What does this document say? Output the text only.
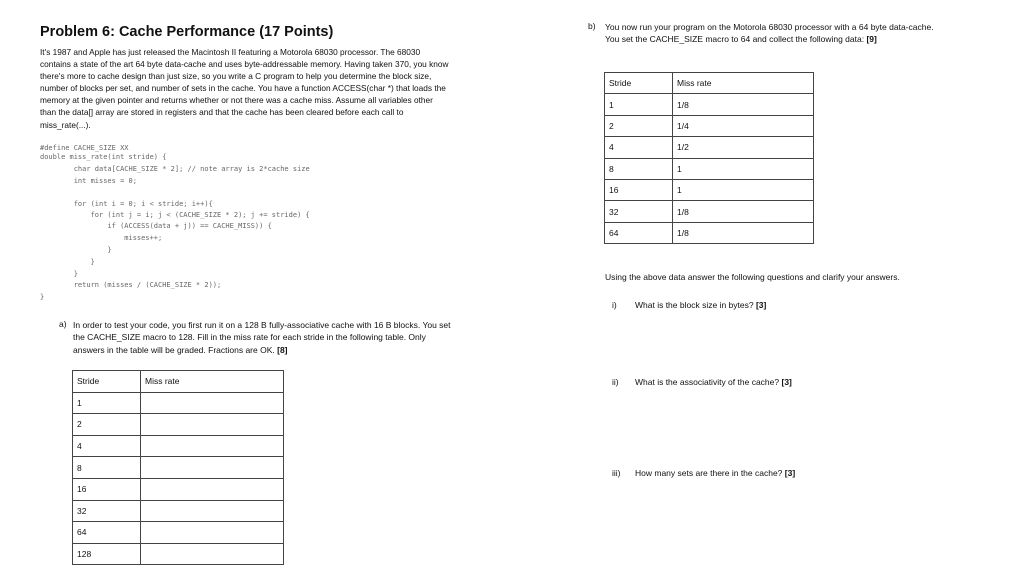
Problem 6: Cache Performance (17 Points)
It's 1987 and Apple has just released the Macintosh II featuring a Motorola 68030 processor. The 68030 contains a state of the art 64 byte data-cache and uses byte-addressable memory. Having taken 370, you know there's more to cache design than just size, so you write a C program to help you determine the block size, number of blocks per set, and number of sets in the cache. You have a function ACCESS(char *) that loads the memory at the given pointer and returns whether or not there was a cache miss. Assume all variables other than the data[] array are stored in registers and that the cache has been cleared before each call to miss_rate(...).
#define CACHE_SIZE XX
double miss_rate(int stride) {
char data[CACHE_SIZE * 2]; // note array is 2*cache size
int misses = 0;
for (int i = 0; i < stride; i++){
for (int j = i; j < (CACHE_SIZE * 2); j += stride) {
if (ACCESS(data + j)) == CACHE_MISS)) {
misses++;
}
}
}
return (misses / (CACHE_SIZE * 2));
}
a) In order to test your code, you first run it on a 128 B fully-associative cache with 16 B blocks. You set the CACHE_SIZE macro to 128. Fill in the miss rate for each stride in the following table. Only answers in the table will be graded. Fractions are OK. [8]
Stride	Miss rate
1	
2	
4	
8	
16	
32	
64	
128	
b) You now run your program on the Motorola 68030 processor with a 64 byte data-cache.
You set the CACHE_SIZE macro to 64 and collect the following data: [9]
Stride	Miss rate
1	1/8
2	1/4
4	1/2
8	1
16	1
32	1/8
64	1/8
Using the above data answer the following questions and clarify your answers.
i) What is the block size in bytes? [3]
ii) What is the associativity of the cache? [3]
iii) How many sets are there in the cache? [3]
